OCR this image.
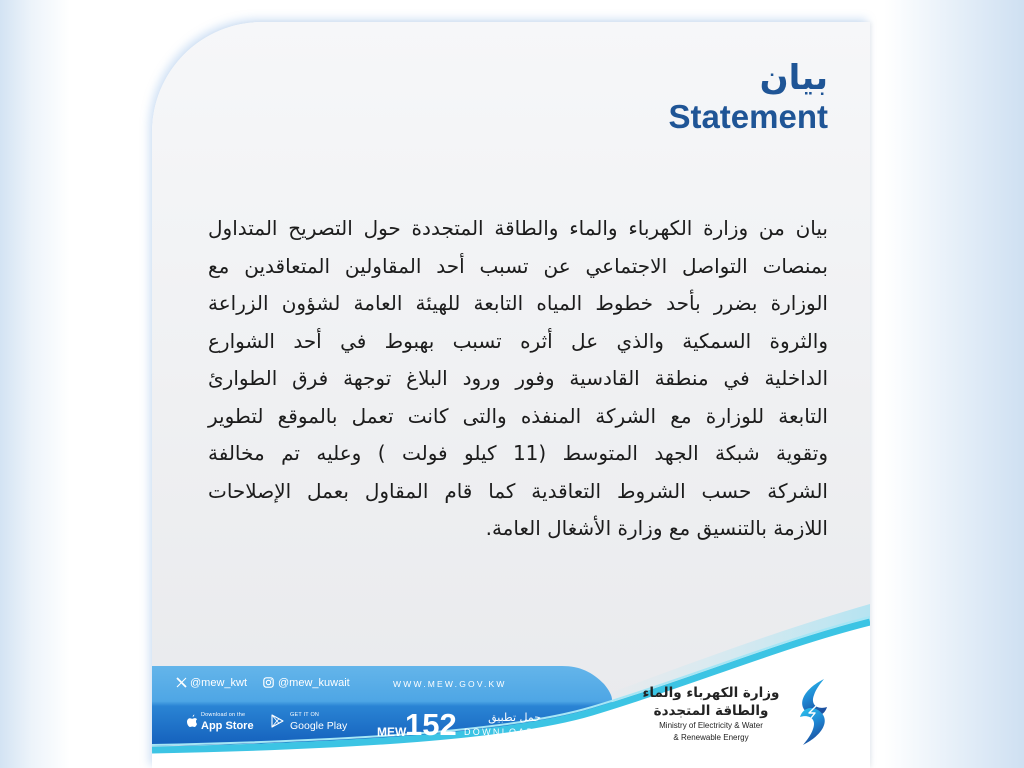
بيان
Statement
بيان من وزارة الكهرباء والماء والطاقة المتجددة حول التصريح المتداول
بمنصات التواصل الاجتماعي عن تسبب أحد المقاولين المتعاقدين مع
الوزارة بضرر بأحد خطوط المياه التابعة للهيئة العامة لشؤون الزراعة
والثروة السمكية والذي عل أثره تسبب بهبوط في أحد الشوارع
الداخلية في منطقة القادسية وفور ورود البلاغ توجهة فرق الطوارئ
التابعة للوزارة مع الشركة المنفذه والتى كانت تعمل بالموقع لتطوير
وتقوية شبكة الجهد المتوسط (11 كيلو فولت ) وعليه تم مخالفة
الشركة حسب الشروط التعاقدية كما قام المقاول بعمل الإصلاحات
اللازمة بالتنسيق مع وزارة الأشغال العامة.
@mew_kwt	@mew_kuwait	WWW.MEW.GOV.KW
Download on the
App Store
GET IT ON
Google Play MEW
152	حمل تطبيق
DOWNLOAD
وزارة الكهرباء والماء
والطاقة المتجددة
Ministry of Electricity & Water
& Renewable Energy
